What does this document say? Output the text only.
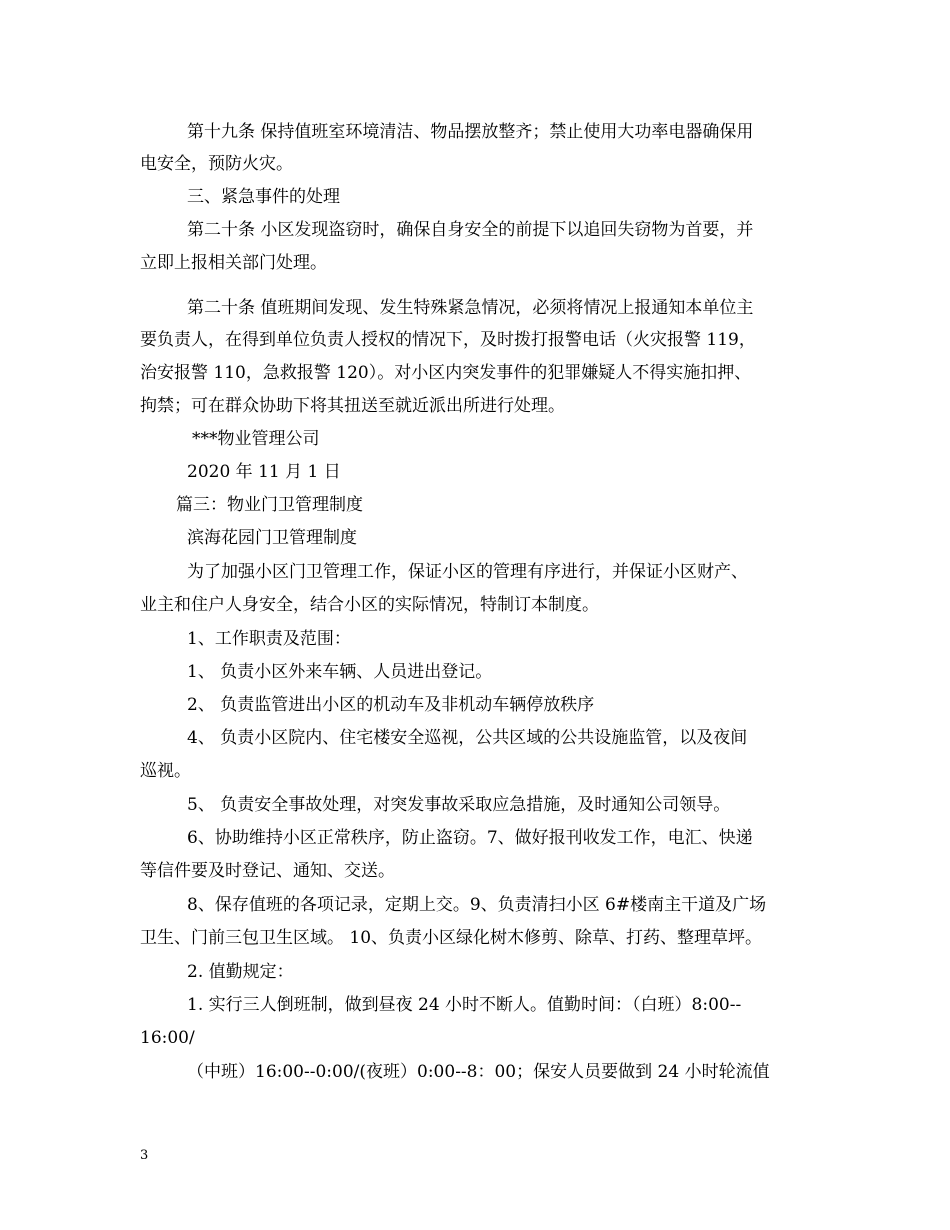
第十九条 保持值班室环境清洁、物品摆放整齐；禁止使用大功率电器确保用
电安全，预防火灾。
三、紧急事件的处理
第二十条 小区发现盗窃时，确保自身安全的前提下以追回失窃物为首要，并
立即上报相关部门处理。
第二十条 值班期间发现、发生特殊紧急情况，必须将情况上报通知本单位主
要负责人，在得到单位负责人授权的情况下，及时拨打报警电话（火灾报警 119，
治安报警 110，急救报警 120）。对小区内突发事件的犯罪嫌疑人不得实施扣押、
拘禁；可在群众协助下将其扭送至就近派出所进行处理。
***物业管理公司
2020 年 11 月 1 日
篇三：物业门卫管理制度
滨海花园门卫管理制度
为了加强小区门卫管理工作，保证小区的管理有序进行，并保证小区财产、
业主和住户人身安全，结合小区的实际情况，特制订本制度。
1、工作职责及范围：
1、 负责小区外来车辆、人员进出登记。
2、 负责监管进出小区的机动车及非机动车辆停放秩序
4、 负责小区院内、住宅楼安全巡视，公共区域的公共设施监管，以及夜间
巡视。
5、 负责安全事故处理，对突发事故采取应急措施，及时通知公司领导。
6、协助维持小区正常秩序，防止盗窃。7、做好报刊收发工作，电汇、快递
等信件要及时登记、通知、交送。
8、保存值班的各项记录，定期上交。9、负责清扫小区 6#楼南主干道及广场
卫生、门前三包卫生区域。 10、负责小区绿化树木修剪、除草、打药、整理草坪。
2. 值勤规定：
1. 实行三人倒班制，做到昼夜 24 小时不断人。值勤时间：（白班）8:00--
16:00/
（中班）16:00--0:00/(夜班）0:00--8：00；保安人员要做到 24 小时轮流值
3
